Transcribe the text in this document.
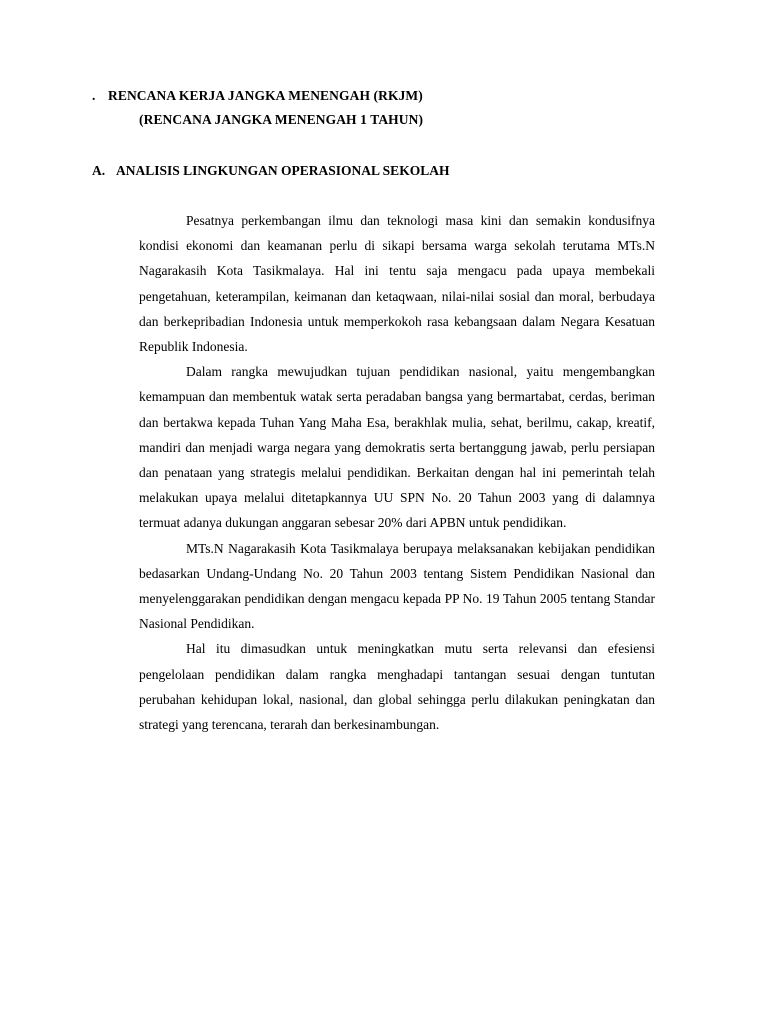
. RENCANA KERJA JANGKA MENENGAH (RKJM)
(RENCANA JANGKA MENENGAH 1 TAHUN)
A. ANALISIS LINGKUNGAN OPERASIONAL SEKOLAH

Pesatnya perkembangan ilmu dan teknologi masa kini dan semakin kondusifnya kondisi ekonomi dan keamanan perlu di sikapi bersama warga sekolah terutama MTs.N Nagarakasih Kota Tasikmalaya. Hal ini tentu saja mengacu pada upaya membekali pengetahuan, keterampilan, keimanan dan ketaqwaan, nilai-nilai sosial dan moral, berbudaya dan berkepribadian Indonesia untuk memperkokoh rasa kebangsaan dalam Negara Kesatuan Republik Indonesia.

Dalam rangka mewujudkan tujuan pendidikan nasional, yaitu mengembangkan kemampuan dan membentuk watak serta peradaban bangsa yang bermartabat, cerdas, beriman dan bertakwa kepada Tuhan Yang Maha Esa, berakhlak mulia, sehat, berilmu, cakap, kreatif, mandiri dan menjadi warga negara yang demokratis serta bertanggung jawab, perlu persiapan dan penataan yang strategis melalui pendidikan. Berkaitan dengan hal ini pemerintah telah melakukan upaya melalui ditetapkannya UU SPN No. 20 Tahun 2003 yang di dalamnya termuat adanya dukungan anggaran sebesar 20% dari APBN untuk pendidikan.

MTs.N Nagarakasih Kota Tasikmalaya berupaya melaksanakan kebijakan pendidikan bedasarkan Undang-Undang No. 20 Tahun 2003 tentang Sistem Pendidikan Nasional dan menyelenggarakan pendidikan dengan mengacu kepada PP No. 19 Tahun 2005 tentang Standar Nasional Pendidikan.

Hal itu dimasudkan untuk meningkatkan mutu serta relevansi dan efesiensi pengelolaan pendidikan dalam rangka menghadapi tantangan sesuai dengan tuntutan perubahan kehidupan lokal, nasional, dan global sehingga perlu dilakukan peningkatan dan strategi yang terencana, terarah dan berkesinambungan.
